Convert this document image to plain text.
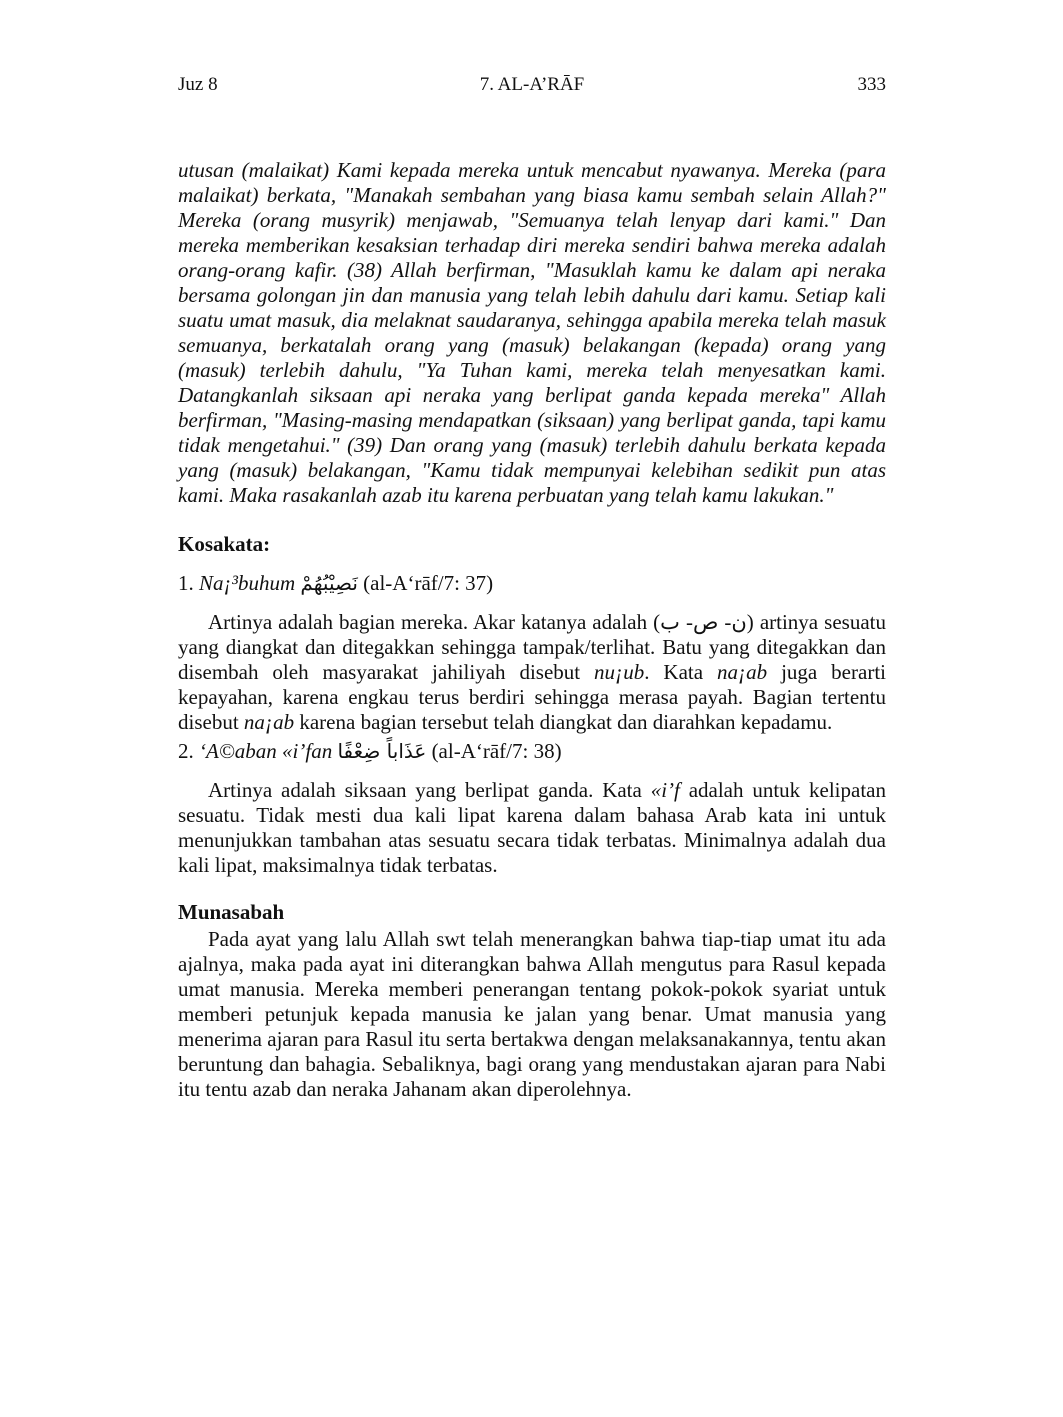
Juz 8	7. AL-A’RĀF	333

utusan (malaikat) Kami kepada mereka untuk mencabut nyawanya. Mereka (para malaikat) berkata, "Manakah sembahan yang biasa kamu sembah selain Allah?" Mereka (orang musyrik) menjawab, "Semuanya telah lenyap dari kami." Dan mereka memberikan kesaksian terhadap diri mereka sendiri bahwa mereka adalah orang-orang kafir. (38) Allah berfirman, "Masuklah kamu ke dalam api neraka bersama golongan jin dan manusia yang telah lebih dahulu dari kamu. Setiap kali suatu umat masuk, dia melaknat saudaranya, sehingga apabila mereka telah masuk semuanya, berkatalah orang yang (masuk) belakangan (kepada) orang yang (masuk) terlebih dahulu, "Ya Tuhan kami, mereka telah menyesatkan kami. Datangkanlah siksaan api neraka yang berlipat ganda kepada mereka" Allah berfirman, "Masing-masing mendapatkan (siksaan) yang berlipat ganda, tapi kamu tidak mengetahui." (39) Dan orang yang (masuk) terlebih dahulu berkata kepada yang (masuk) belakangan, "Kamu tidak mempunyai kelebihan sedikit pun atas kami. Maka rasakanlah azab itu karena perbuatan yang telah kamu lakukan."

Kosakata:

1. Na¡³buhum نَصِيْبُهُمْ (al-A‘rāf/7: 37)

Artinya adalah bagian mereka. Akar katanya adalah (ن- ص- ب) artinya sesuatu yang diangkat dan ditegakkan sehingga tampak/terlihat. Batu yang ditegakkan dan disembah oleh masyarakat jahiliyah disebut nu¡ub. Kata na¡ab juga berarti kepayahan, karena engkau terus berdiri sehingga merasa payah. Bagian tertentu disebut na¡ab karena bagian tersebut telah diangkat dan diarahkan kepadamu.

2. ‘A©aban «i’fan عَذَاباً ضِعْفًا (al-A‘rāf/7: 38)

Artinya adalah siksaan yang berlipat ganda. Kata «i’f adalah untuk kelipatan sesuatu. Tidak mesti dua kali lipat karena dalam bahasa Arab kata ini untuk menunjukkan tambahan atas sesuatu secara tidak terbatas. Minimalnya adalah dua kali lipat, maksimalnya tidak terbatas.

Munasabah

Pada ayat yang lalu Allah swt telah menerangkan bahwa tiap-tiap umat itu ada ajalnya, maka pada ayat ini diterangkan bahwa Allah mengutus para Rasul kepada umat manusia. Mereka memberi penerangan tentang pokok-pokok syariat untuk memberi petunjuk kepada manusia ke jalan yang benar. Umat manusia yang menerima ajaran para Rasul itu serta bertakwa dengan melaksanakannya, tentu akan beruntung dan bahagia. Sebaliknya, bagi orang yang mendustakan ajaran para Nabi itu tentu azab dan neraka Jahanam akan diperolehnya.
